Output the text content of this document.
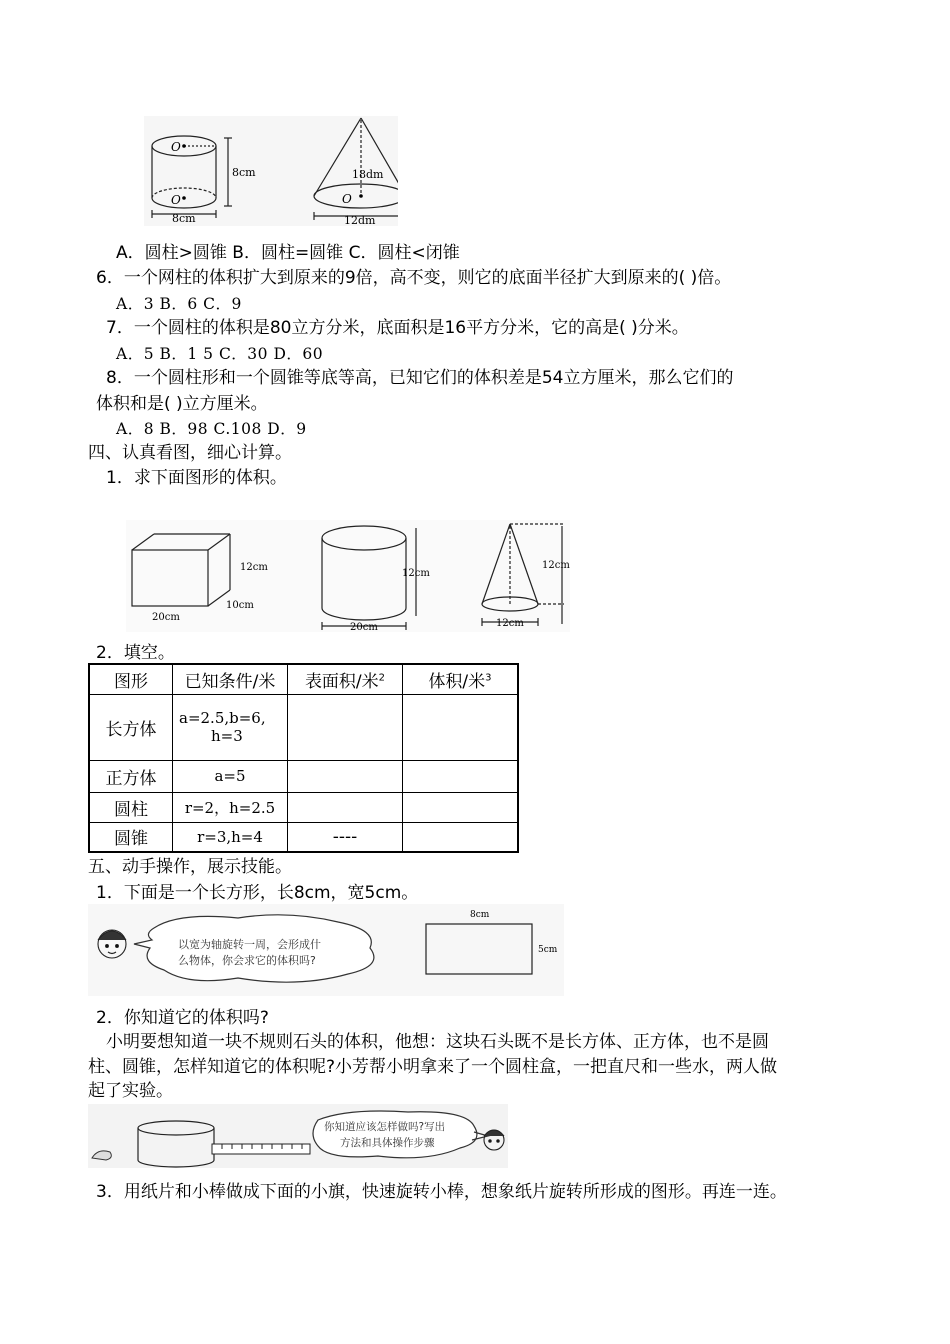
O
O
8cm
8cm
18dm
O
12dm
A．圆柱>圆锥 B．圆柱=圆锥 C．圆柱<闭锥
6．一个网柱的体积扩大到原来的9倍，高不变，则它的底面半径扩大到原来的( )倍。
A．3 B．6 C．9
7．一个圆柱的体积是80立方分米，底面积是16平方分米，它的高是( )分米。
A．5 B．1 5 C．30 D．60
8．一个圆柱形和一个圆锥等底等高，已知它们的体积差是54立方厘米，那么它们的
体积和是( )立方厘米。
A．8 B．98 C.108 D．9
四、认真看图，细心计算。
1．求下面图形的体积。
12cm
20cm
10cm
12cm
20cm
12cm
12cm
2．填空。
图形	已知条件/米	表面积/米$^2$	体积/米$^3$
长方体	a=2.5,b=6,
h=3		

正方体	a=5		
圆柱	r=2，h=2.5		
圆锥	r=3,h=4	----	
五、动手操作，展示技能。
1．下面是一个长方形，长8cm，宽5cm。
以宽为轴旋转一周，会形成什
么物体，你会求它的体积吗?
8cm
5cm
2．你知道它的体积吗?
小明要想知道一块不规则石头的体积，他想：这块石头既不是长方体、正方体，也不是圆
柱、圆锥，怎样知道它的体积呢?小芳帮小明拿来了一个圆柱盒，一把直尺和一些水，两人做
起了实验。
你知道应该怎样做吗?写出
方法和具体操作步骤
3．用纸片和小棒做成下面的小旗，快速旋转小棒，想象纸片旋转所形成的图形。再连一连。
